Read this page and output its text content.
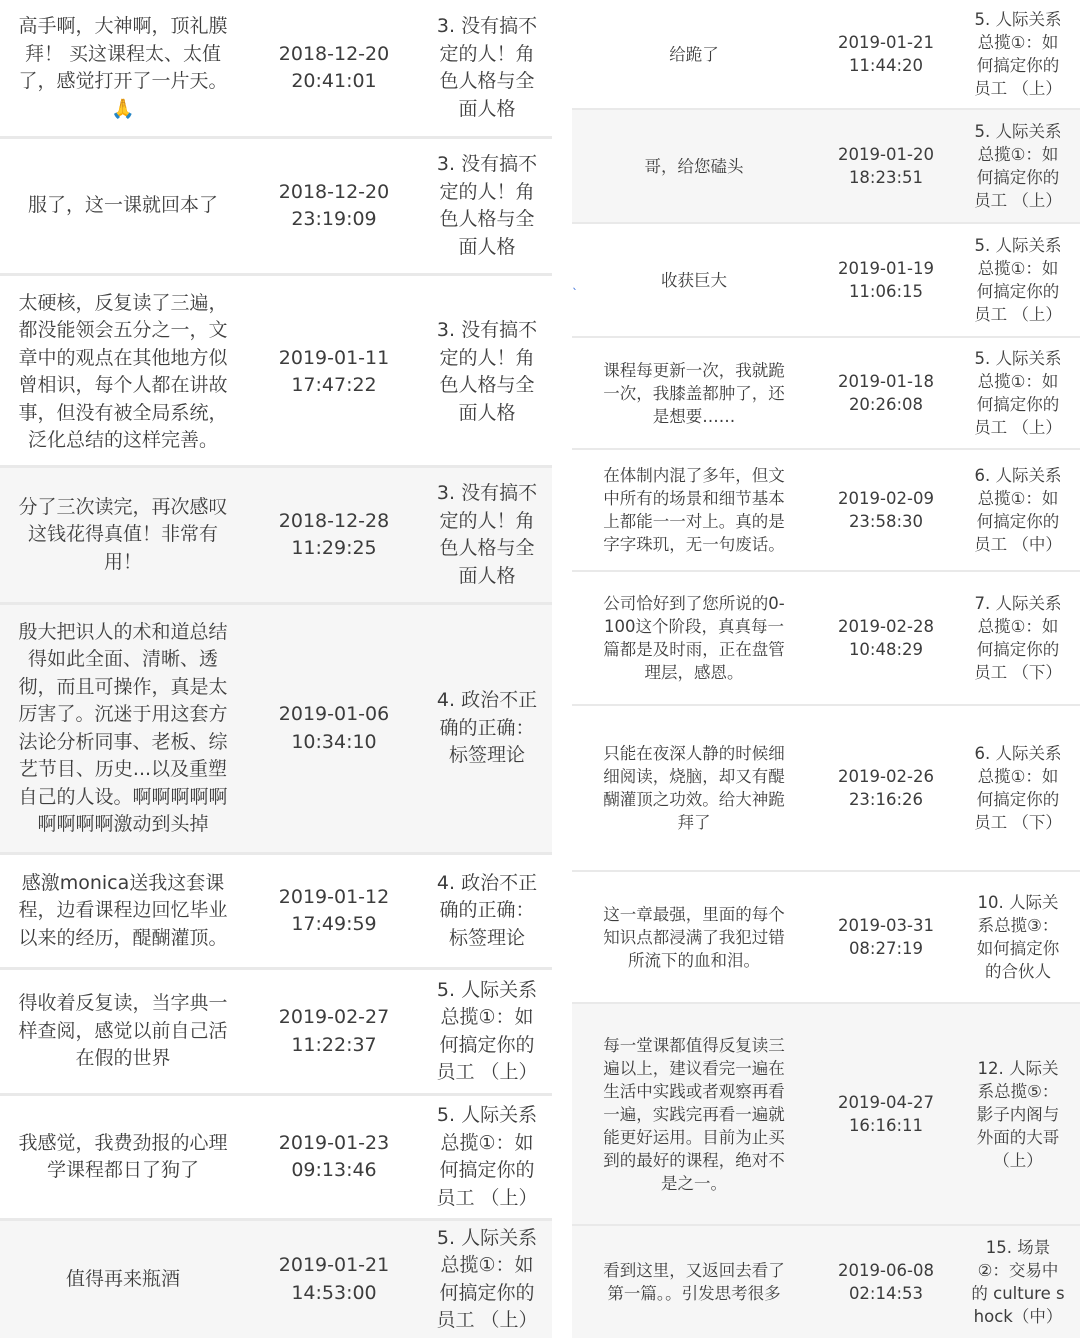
高手啊，大神啊，顶礼膜
拜！ 买这课程太、太值
了，感觉打开了一片天。
🙏
2018-12-20
20:41:01
3. 没有搞不
定的人！角
色人格与全
面人格
服了，这一课就回本了
2018-12-20
23:19:09
3. 没有搞不
定的人！角
色人格与全
面人格
太硬核，反复读了三遍，
都没能领会五分之一，文
章中的观点在其他地方似
曾相识，每个人都在讲故
事，但没有被全局系统，
泛化总结的这样完善。
2019-01-11
17:47:22
3. 没有搞不
定的人！角
色人格与全
面人格
分了三次读完，再次感叹
这钱花得真值！非常有
用！
2018-12-28
11:29:25
3. 没有搞不
定的人！角
色人格与全
面人格
殷大把识人的术和道总结
得如此全面、清晰、透
彻，而且可操作，真是太
厉害了。沉迷于用这套方
法论分析同事、老板、综
艺节目、历史...以及重塑
自己的人设。啊啊啊啊啊
啊啊啊啊激动到头掉
2019-01-06
10:34:10
4. 政治不正
确的正确：
标签理论
感激monica送我这套课
程，边看课程边回忆毕业
以来的经历，醍醐灌顶。
2019-01-12
17:49:59
4. 政治不正
确的正确：
标签理论
得收着反复读，当字典一
样查阅，感觉以前自己活
在假的世界
2019-02-27
11:22:37
5. 人际关系
总揽①：如
何搞定你的
员工 （上）
我感觉，我费劲报的心理
学课程都日了狗了
2019-01-23
09:13:46
5. 人际关系
总揽①：如
何搞定你的
员工 （上）
值得再来瓶酒
2019-01-21
14:53:00
5. 人际关系
总揽①：如
何搞定你的
员工 （上）
给跪了
2019-01-21
11:44:20
5. 人际关系
总揽①：如
何搞定你的
员工 （上）
哥，给您磕头
2019-01-20
18:23:51
5. 人际关系
总揽①：如
何搞定你的
员工 （上）
收获巨大
2019-01-19
11:06:15
5. 人际关系
总揽①：如
何搞定你的
员工 （上）
课程每更新一次，我就跪
一次，我膝盖都肿了，还
是想要……
2019-01-18
20:26:08
5. 人际关系
总揽①：如
何搞定你的
员工 （上）
在体制内混了多年，但文
中所有的场景和细节基本
上都能一一对上。真的是
字字珠玑，无一句废话。
2019-02-09
23:58:30
6. 人际关系
总揽①：如
何搞定你的
员工 （中）
公司恰好到了您所说的0-
100这个阶段，真真每一
篇都是及时雨，正在盘管
理层，感恩。
2019-02-28
10:48:29
7. 人际关系
总揽①：如
何搞定你的
员工 （下）
只能在夜深人静的时候细
细阅读，烧脑，却又有醍
醐灌顶之功效。给大神跪
拜了
2019-02-26
23:16:26
6. 人际关系
总揽①：如
何搞定你的
员工 （下）
这一章最强，里面的每个
知识点都浸满了我犯过错
所流下的血和泪。
2019-03-31
08:27:19
10. 人际关
系总揽③：
如何搞定你
的合伙人
每一堂课都值得反复读三
遍以上，建议看完一遍在
生活中实践或者观察再看
一遍，实践完再看一遍就
能更好运用。目前为止买
到的最好的课程，绝对不
是之一。
2019-04-27
16:16:11
12. 人际关
系总揽⑤：
影子内阁与
外面的大哥
（上）
看到这里，又返回去看了
第一篇。。引发思考很多
2019-06-08
02:14:53
15. 场景
②：交易中
的 culture s
hock（中）
ˎ
